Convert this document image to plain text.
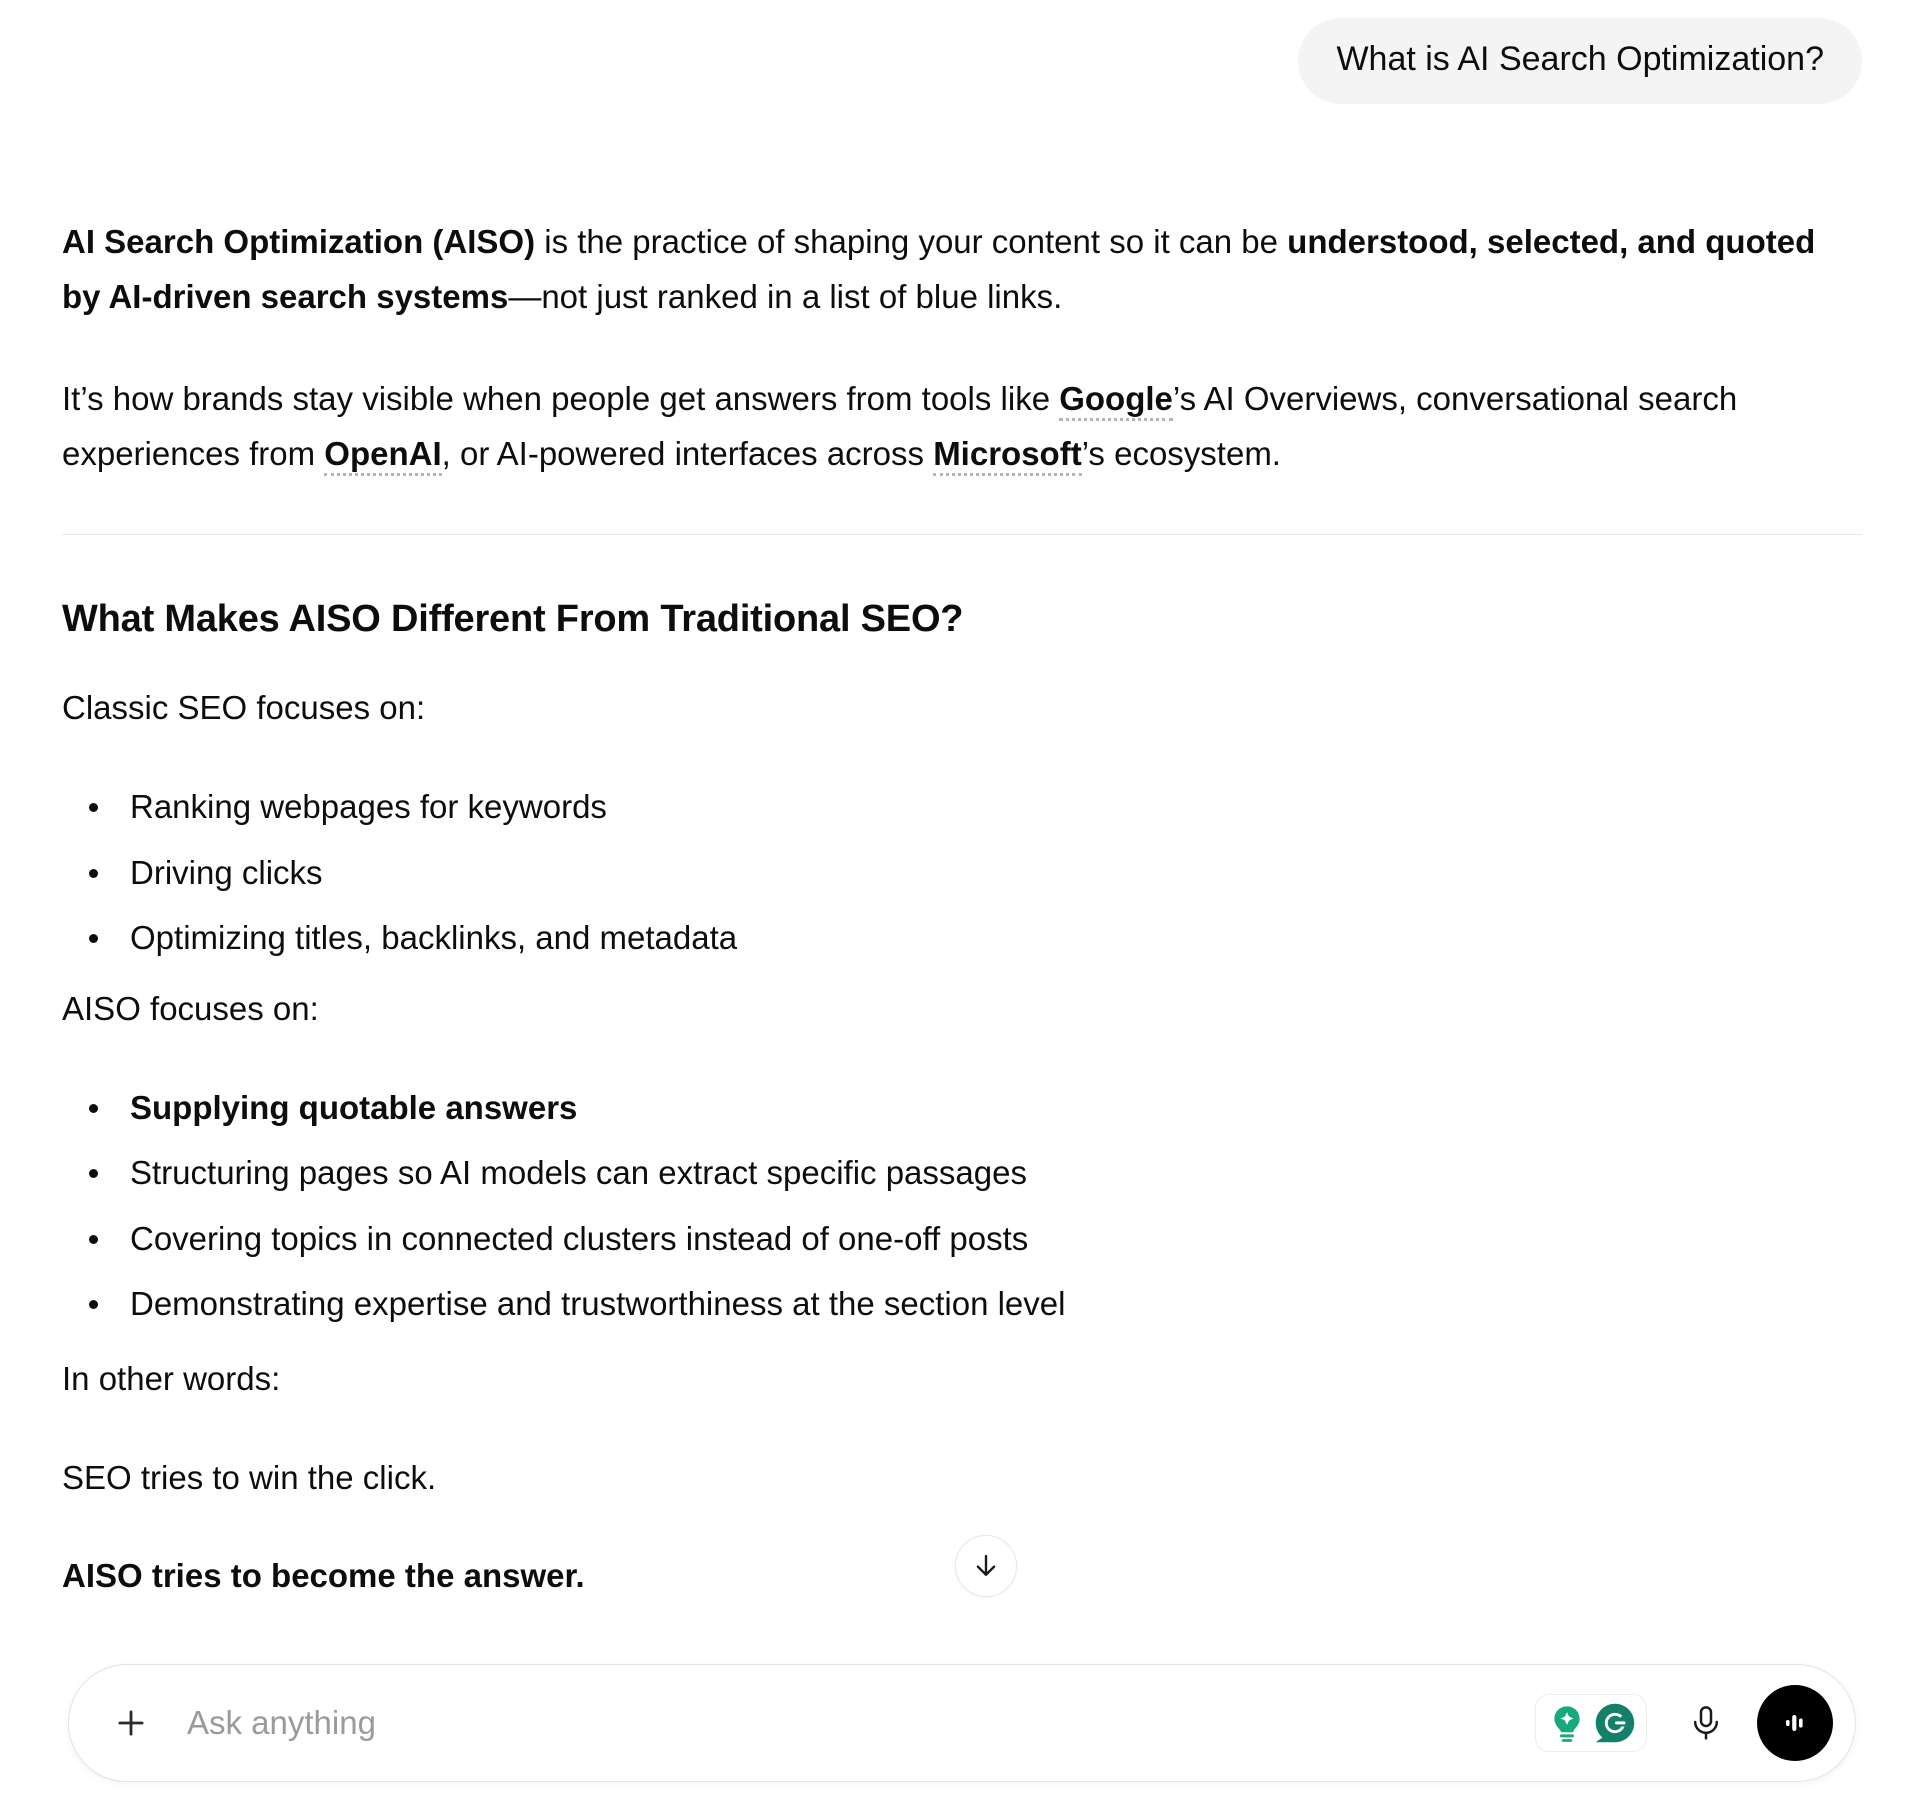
What is AI Search Optimization?

AI Search Optimization (AISO) is the practice of shaping your content so it can be understood, selected, and quoted by AI-driven search systems—not just ranked in a list of blue links.

It’s how brands stay visible when people get answers from tools like Google’s AI Overviews, conversational search experiences from OpenAI, or AI-powered interfaces across Microsoft’s ecosystem.

What Makes AISO Different From Traditional SEO?

Classic SEO focuses on:

Ranking webpages for keywords
Driving clicks
Optimizing titles, backlinks, and metadata

AISO focuses on:

Supplying quotable answers
Structuring pages so AI models can extract specific passages
Covering topics in connected clusters instead of one-off posts
Demonstrating expertise and trustworthiness at the section level

In other words:

SEO tries to win the click.

AISO tries to become the answer.

Ask anything
